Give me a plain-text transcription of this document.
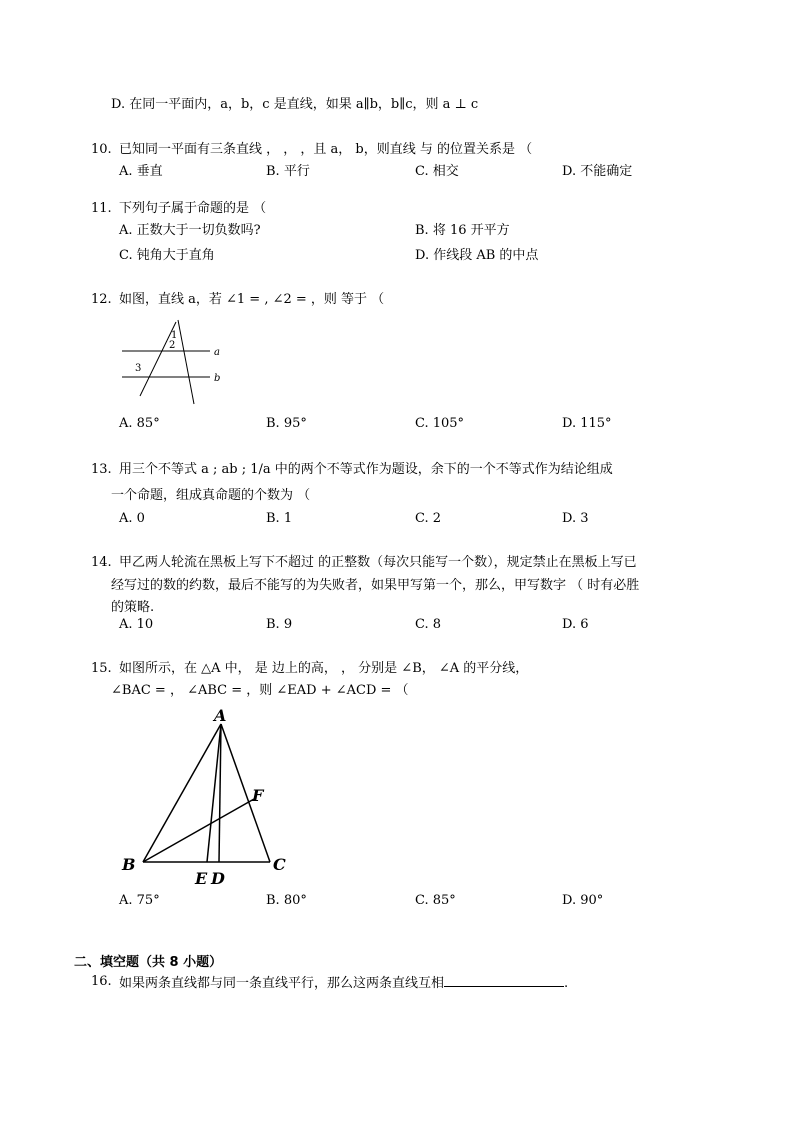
D. 在同一平面内，a，b，c 是直线，如果 a∥b，b∥c，则 a ⊥ c
10. 已知同一平面有三条直线 ， ， ，且 a， b，则直线 与 的位置关系是 （
A. 垂直	B. 平行	C. 相交	D. 不能确定
11. 下列句子属于命题的是 （
A. 正数大于一切负数吗?	B. 将 16 开平方
C. 钝角大于直角	D. 作线段 AB 的中点
12. 如图，直线 a，若 ∠1 = , ∠2 = ，则 等于 （
1
2
3
a
b
A. 85°	B. 95°	C. 105°	D. 115°
13. 用三个不等式 a ; ab ; 1/a 中的两个不等式作为题设，余下的一个不等式作为结论组成
一个命题，组成真命题的个数为 （
A. 0	B. 1	C. 2	D. 3
14. 甲乙两人轮流在黑板上写下不超过 的正整数（每次只能写一个数），规定禁止在黑板上写已
经写过的数的约数，最后不能写的为失败者，如果甲写第一个，那么，甲写数字 （ 时有必胜
的策略.
A. 10	B. 9	C. 8	D. 6
15. 如图所示，在 △A 中， 是 边上的高， ， 分别是 ∠B， ∠A 的平分线，
∠BAC = ， ∠ABC = ，则 ∠EAD + ∠ACD = （
A
B	C
E D
F
A. 75°	B. 80°	C. 85°	D. 90°
二、填空题（共 8 小题）
16. 如果两条直线都与同一条直线平行，那么这两条直线互相	.
